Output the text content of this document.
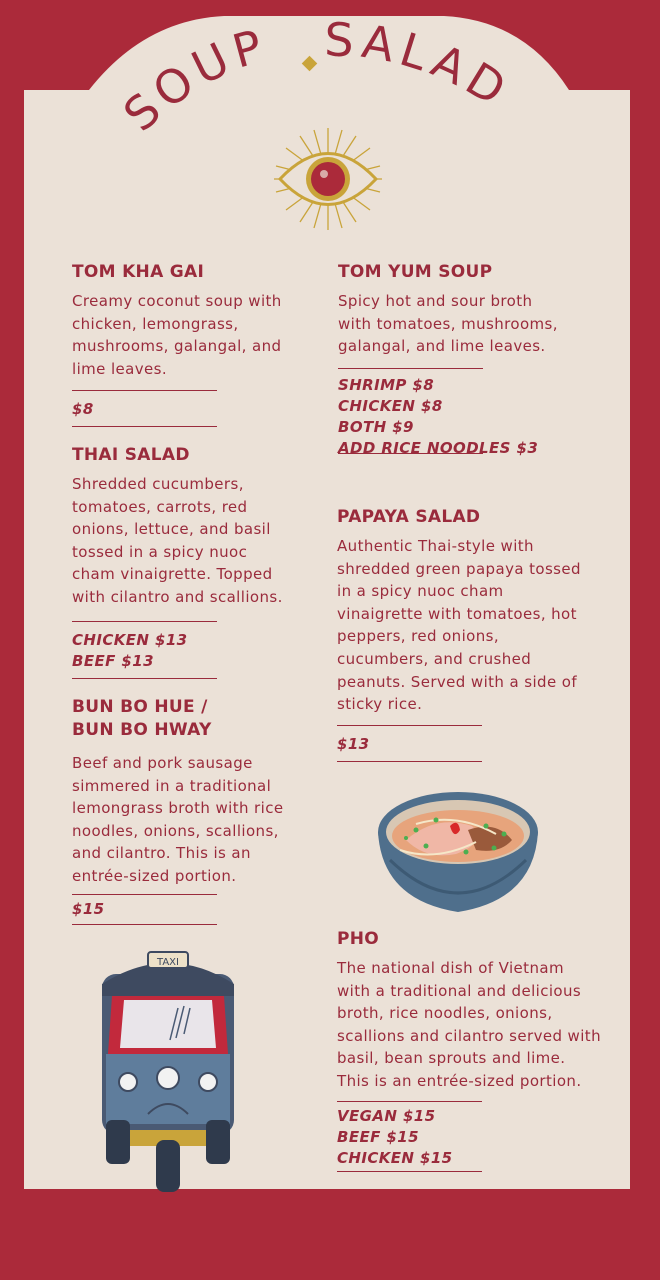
SOUP SALAD
TOM KHA GAI

Creamy coconut soup with
chicken, lemongrass,
mushrooms, galangal, and
lime leaves.

$8
THAI SALAD

Shredded cucumbers,
tomatoes, carrots, red
onions, lettuce, and basil
tossed in a spicy nuoc
cham vinaigrette. Topped
with cilantro and scallions.

CHICKEN $13
BEEF $13
BUN BO HUE /
BUN BO HWAY

Beef and pork sausage
simmered in a traditional
lemongrass broth with rice
noodles, onions, scallions,
and cilantro. This is an
entrée-sized portion.

$15
TOM YUM SOUP

Spicy hot and sour broth
with tomatoes, mushrooms,
galangal, and lime leaves.

SHRIMP $8
CHICKEN $8
BOTH $9
ADD RICE NOODLES $3
PAPAYA SALAD

Authentic Thai-style with
shredded green papaya tossed
in a spicy nuoc cham
vinaigrette with tomatoes, hot
peppers, red onions,
cucumbers, and crushed
peanuts. Served with a side of
sticky rice.

$13
PHO

The national dish of Vietnam
with a traditional and delicious
broth, rice noodles, onions,
scallions and cilantro served with
basil, bean sprouts and lime.
This is an entrée-sized portion.

VEGAN $15
BEEF $15
CHICKEN $15
TAXI
